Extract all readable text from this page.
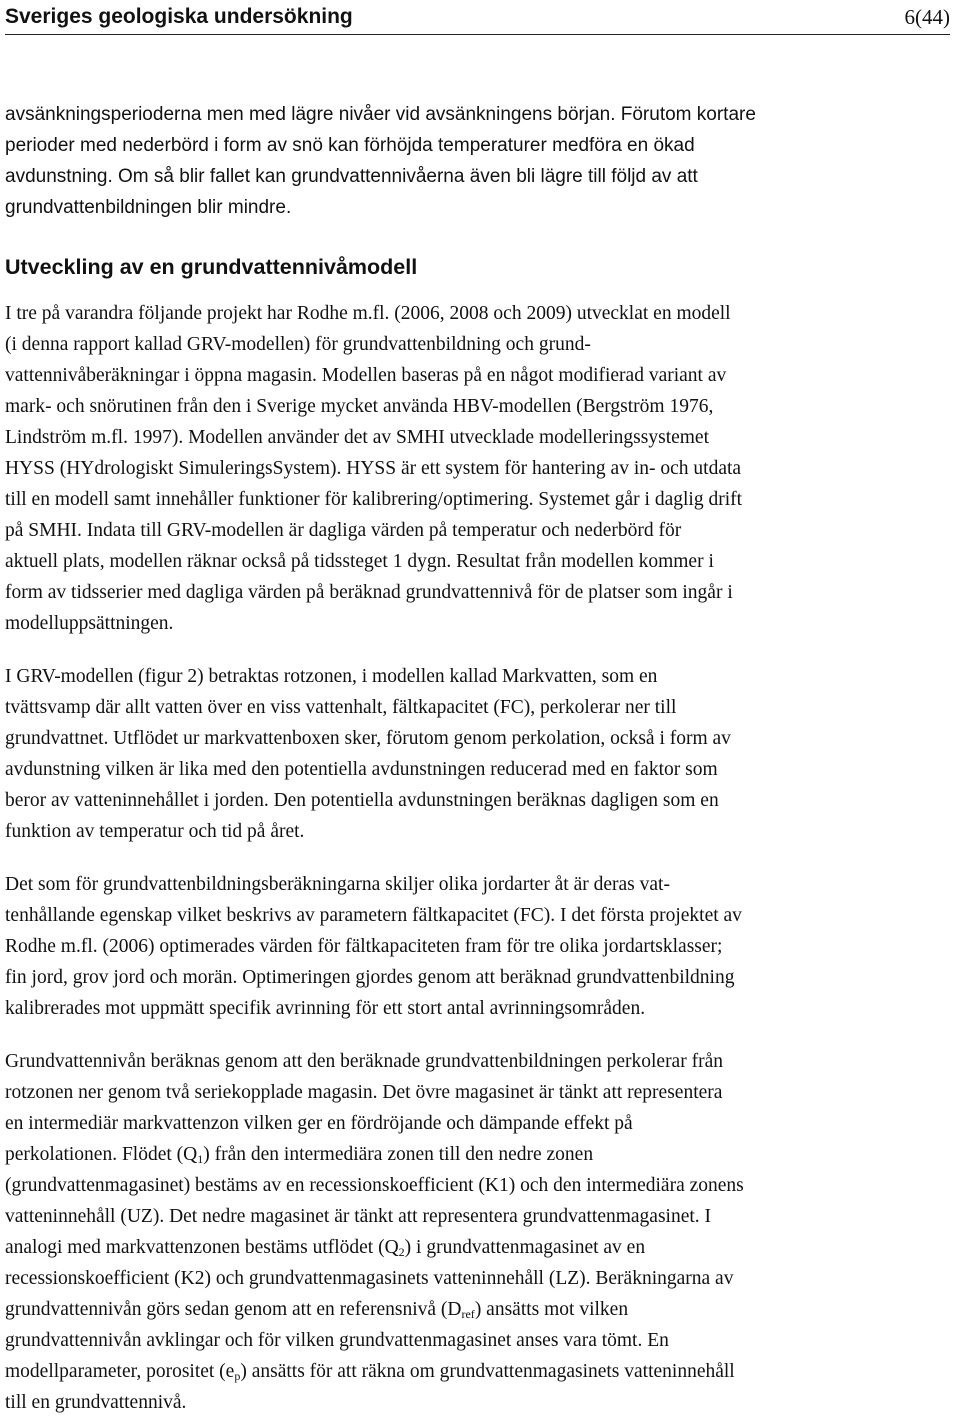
Sveriges geologiska undersökning	6(44)
avsänkningsperioderna men med lägre nivåer vid avsänkningens början. Förutom kortare
perioder med nederbörd i form av snö kan förhöjda temperaturer medföra en ökad
avdunstning. Om så blir fallet kan grundvattennivåerna även bli lägre till följd av att
grundvattenbildningen blir mindre.
Utveckling av en grundvattennivåmodell
I tre på varandra följande projekt har Rodhe m.fl. (2006, 2008 och 2009) utvecklat en modell
(i denna rapport kallad GRV-modellen) för grundvattenbildning och grund-
vattennivåberäkningar i öppna magasin. Modellen baseras på en något modifierad variant av
mark- och snörutinen från den i Sverige mycket använda HBV-modellen (Bergström 1976,
Lindström m.fl. 1997). Modellen använder det av SMHI utvecklade modelleringssystemet
HYSS (HYdrologiskt SimuleringsSystem). HYSS är ett system för hantering av in- och utdata
till en modell samt innehåller funktioner för kalibrering/optimering. Systemet går i daglig drift
på SMHI. Indata till GRV-modellen är dagliga värden på temperatur och nederbörd för
aktuell plats, modellen räknar också på tidssteget 1 dygn. Resultat från modellen kommer i
form av tidsserier med dagliga värden på beräknad grundvattennivå för de platser som ingår i
modelluppsättningen.
I GRV-modellen (figur 2) betraktas rotzonen, i modellen kallad Markvatten, som en
tvättsvamp där allt vatten över en viss vattenhalt, fältkapacitet (FC), perkolerar ner till
grundvattnet. Utflödet ur markvattenboxen sker, förutom genom perkolation, också i form av
avdunstning vilken är lika med den potentiella avdunstningen reducerad med en faktor som
beror av vatteninnehållet i jorden. Den potentiella avdunstningen beräknas dagligen som en
funktion av temperatur och tid på året.
Det som för grundvattenbildningsberäkningarna skiljer olika jordarter åt är deras vat-
tenhållande egenskap vilket beskrivs av parametern fältkapacitet (FC). I det första projektet av
Rodhe m.fl. (2006) optimerades värden för fältkapaciteten fram för tre olika jordartsklasser;
fin jord, grov jord och morän. Optimeringen gjordes genom att beräknad grundvattenbildning
kalibrerades mot uppmätt specifik avrinning för ett stort antal avrinningsområden.
Grundvattennivån beräknas genom att den beräknade grundvattenbildningen perkolerar från
rotzonen ner genom två seriekopplade magasin. Det övre magasinet är tänkt att representera
en intermediär markvattenzon vilken ger en fördröjande och dämpande effekt på
perkolationen. Flödet $(Q_1)$ från den intermediära zonen till den nedre zonen
(grundvattenmagasinet) bestäms av en recessionskoefficient (K1) och den intermediära zonens
vatteninnehåll (UZ). Det nedre magasinet är tänkt att representera grundvattenmagasinet. I
analogi med markvattenzonen bestäms utflödet $(Q_2)$ i grundvattenmagasinet av en
recessionskoefficient (K2) och grundvattenmagasinets vatteninnehåll (LZ). Beräkningarna av
grundvattennivån görs sedan genom att en referensnivå $(D_{ref})$ ansätts mot vilken
grundvattennivån avklingar och för vilken grundvattenmagasinet anses vara tömt. En
modellparameter, porositet $(e_p)$ ansätts för att räkna om grundvattenmagasinets vatteninnehåll
till en grundvattennivå.
